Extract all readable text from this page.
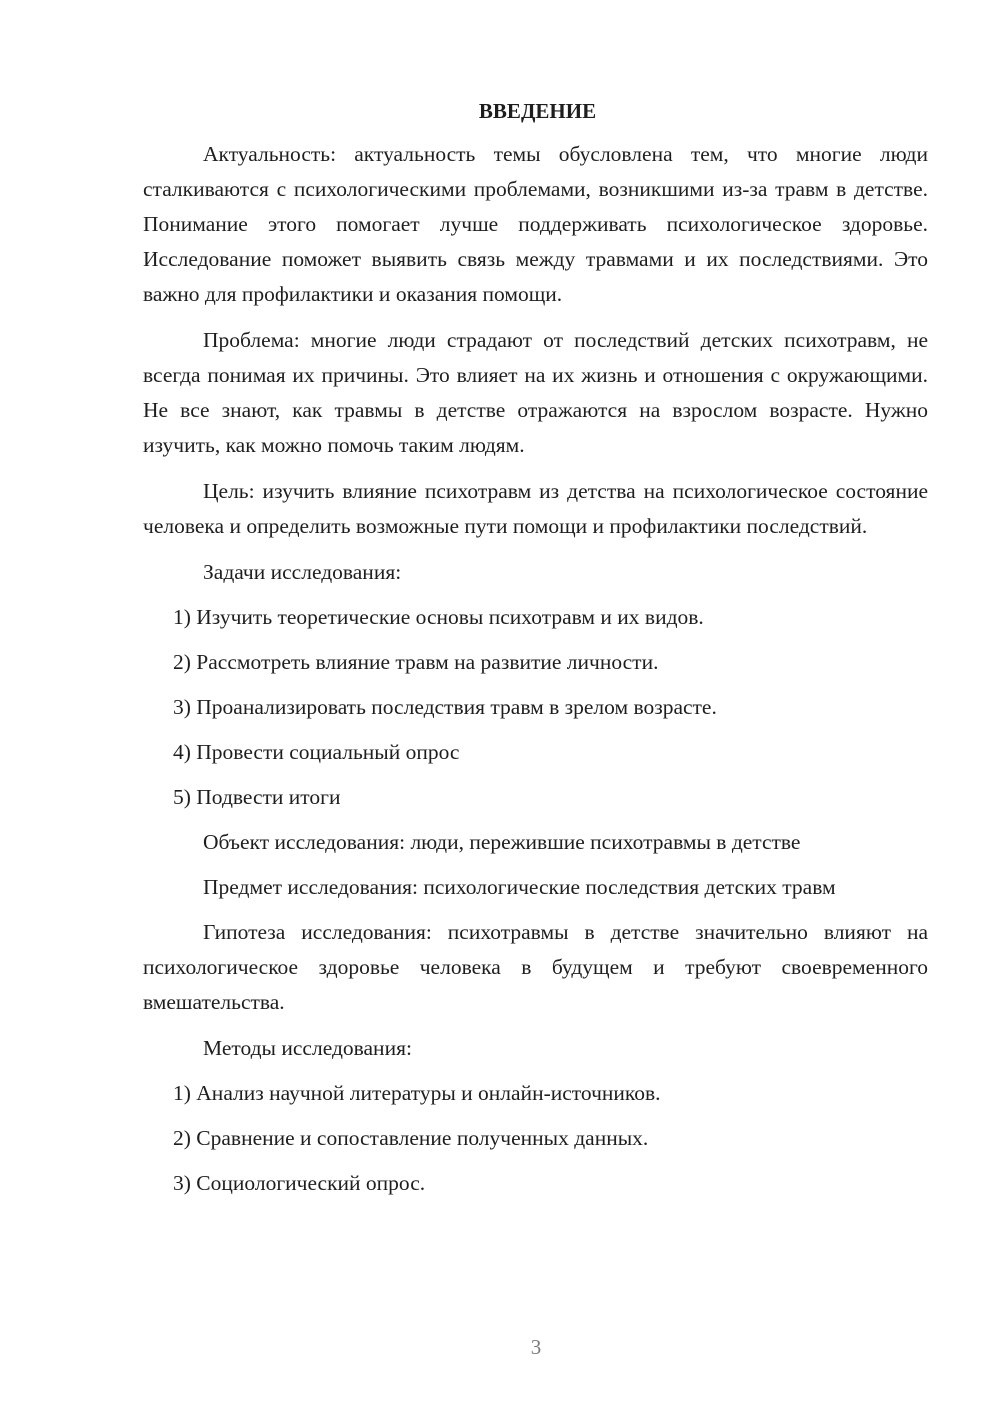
ВВЕДЕНИЕ

Актуальность: актуальность темы обусловлена тем, что многие люди сталкиваются с психологическими проблемами, возникшими из-за травм в детстве. Понимание этого помогает лучше поддерживать психологическое здоровье. Исследование поможет выявить связь между травмами и их последствиями. Это важно для профилактики и оказания помощи.

Проблема: многие люди страдают от последствий детских психотравм, не всегда понимая их причины. Это влияет на их жизнь и отношения с окружающими. Не все знают, как травмы в детстве отражаются на взрослом возрасте. Нужно изучить, как можно помочь таким людям.

Цель: изучить влияние психотравм из детства на психологическое состояние человека и определить возможные пути помощи и профилактики последствий.

Задачи исследования:
1) Изучить теоретические основы психотравм и их видов.
2) Рассмотреть влияние травм на развитие личности.
3) Проанализировать последствия травм в зрелом возрасте.
4) Провести социальный опрос
5) Подвести итоги
Объект исследования: люди, пережившие психотравмы в детстве
Предмет исследования: психологические последствия детских травм

Гипотеза исследования: психотравмы в детстве значительно влияют на психологическое здоровье человека в будущем и требуют своевременного вмешательства.

Методы исследования:
1) Анализ научной литературы и онлайн-источников.
2) Сравнение и сопоставление полученных данных.
3) Социологический опрос.
3
